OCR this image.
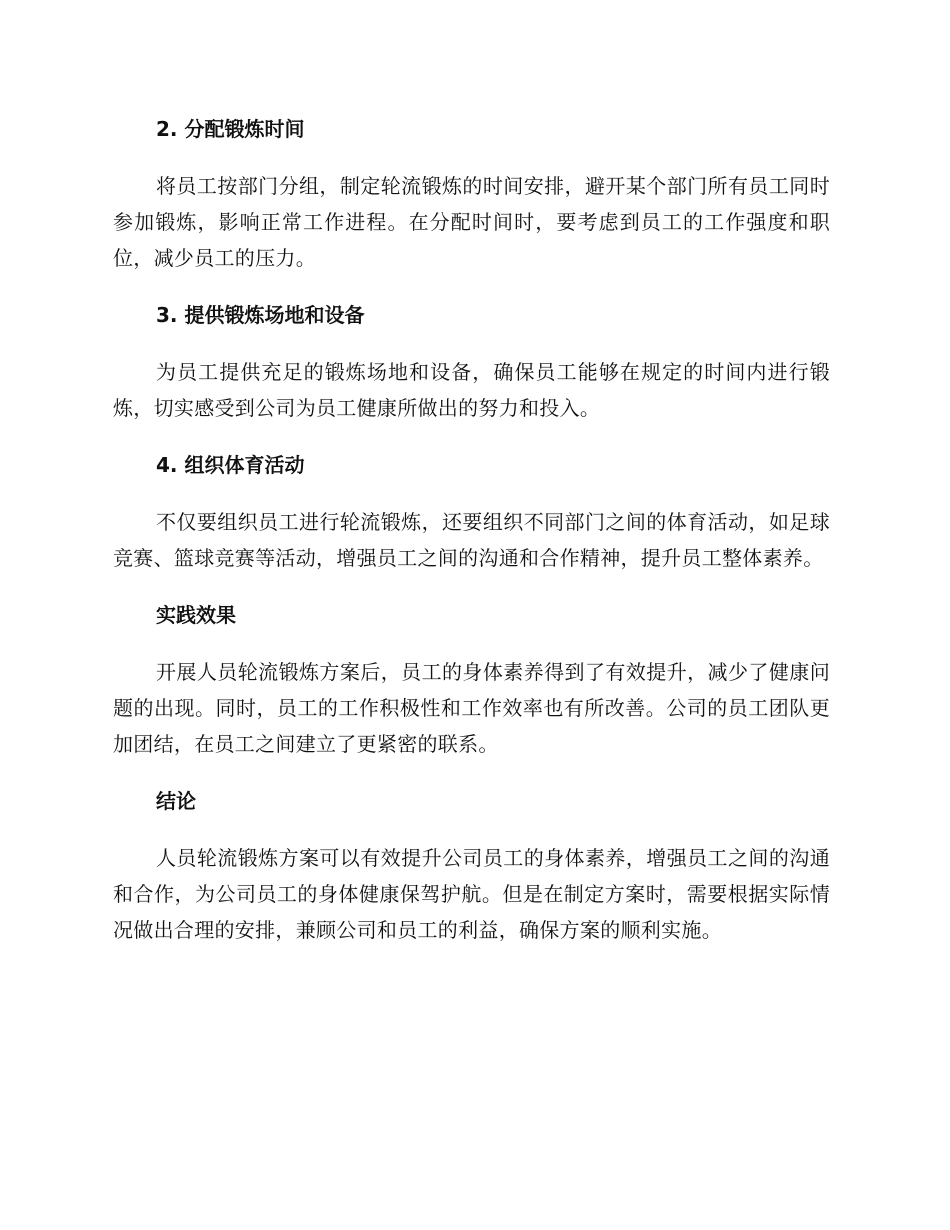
2. 分配锻炼时间

将员工按部门分组，制定轮流锻炼的时间安排，避开某个部门所有员工同时参加锻炼，影响正常工作进程。在分配时间时，要考虑到员工的工作强度和职位，减少员工的压力。

3. 提供锻炼场地和设备

为员工提供充足的锻炼场地和设备，确保员工能够在规定的时间内进行锻炼，切实感受到公司为员工健康所做出的努力和投入。

4. 组织体育活动

不仅要组织员工进行轮流锻炼，还要组织不同部门之间的体育活动，如足球竞赛、篮球竞赛等活动，增强员工之间的沟通和合作精神，提升员工整体素养。

实践效果

开展人员轮流锻炼方案后，员工的身体素养得到了有效提升，减少了健康问题的出现。同时，员工的工作积极性和工作效率也有所改善。公司的员工团队更加团结，在员工之间建立了更紧密的联系。

结论

人员轮流锻炼方案可以有效提升公司员工的身体素养，增强员工之间的沟通和合作，为公司员工的身体健康保驾护航。但是在制定方案时，需要根据实际情况做出合理的安排，兼顾公司和员工的利益，确保方案的顺利实施。
